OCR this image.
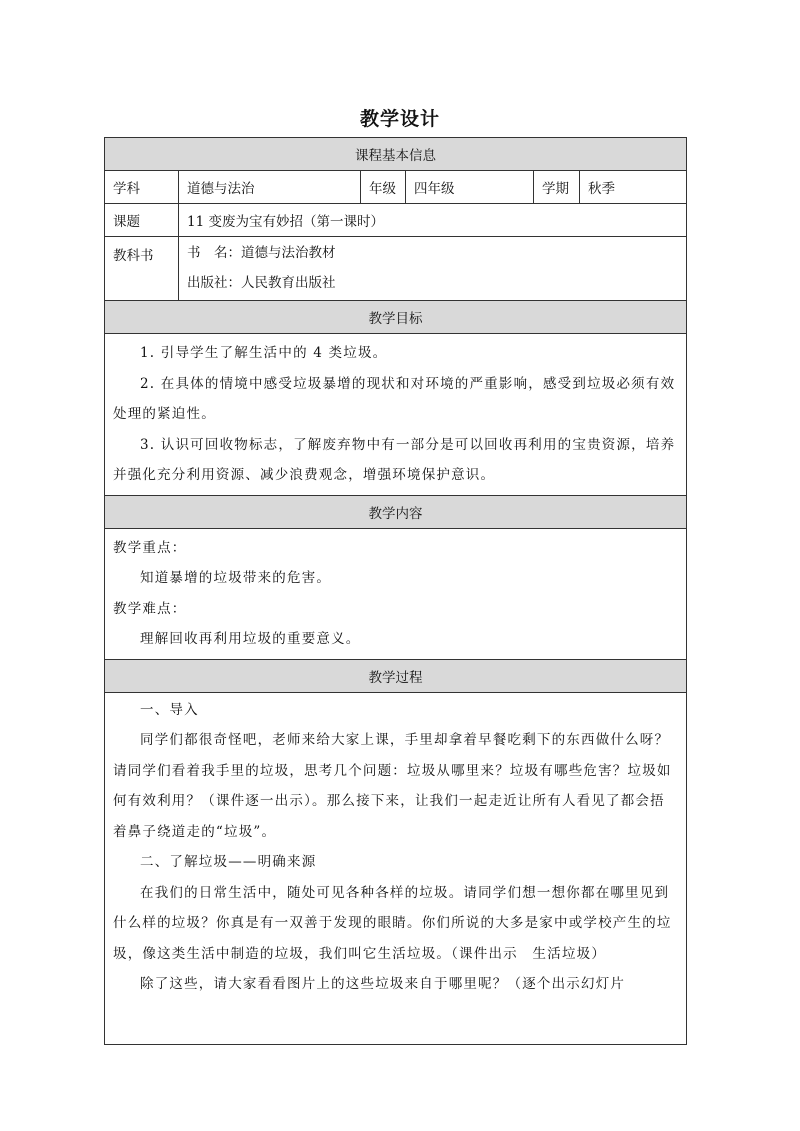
教学设计
课程基本信息					
学科	道德与法治	年级	四年级	学期	秋季
课题	11 变废为宝有妙招（第一课时）				
教科书	书　名：道德与法治教材

出版社：人民教育出版社				

教学目标					

1. 引导学生了解生活中的 4 类垃圾。

2. 在具体的情境中感受垃圾暴增的现状和对环境的严重影响，感受到垃圾必须有效处理的紧迫性。

3. 认识可回收物标志，了解废弃物中有一部分是可以回收再利用的宝贵资源，培养并强化充分利用资源、减少浪费观念，增强环境保护意识。					

教学内容					

教学重点：

知道暴增的垃圾带来的危害。

教学难点：

理解回收再利用垃圾的重要意义。					

教学过程					

一、导入

同学们都很奇怪吧，老师来给大家上课，手里却拿着早餐吃剩下的东西做什么呀？请同学们看着我手里的垃圾，思考几个问题：垃圾从哪里来？垃圾有哪些危害？垃圾如何有效利用？（课件逐一出示）。那么接下来，让我们一起走近让所有人看见了都会捂着鼻子绕道走的“垃圾”。

二、了解垃圾——明确来源

在我们的日常生活中，随处可见各种各样的垃圾。请同学们想一想你都在哪里见到什么样的垃圾？你真是有一双善于发现的眼睛。你们所说的大多是家中或学校产生的垃圾，像这类生活中制造的垃圾，我们叫它生活垃圾。（课件出示　生活垃圾）

除了这些，请大家看看图片上的这些垃圾来自于哪里呢？（逐个出示幻灯片					
